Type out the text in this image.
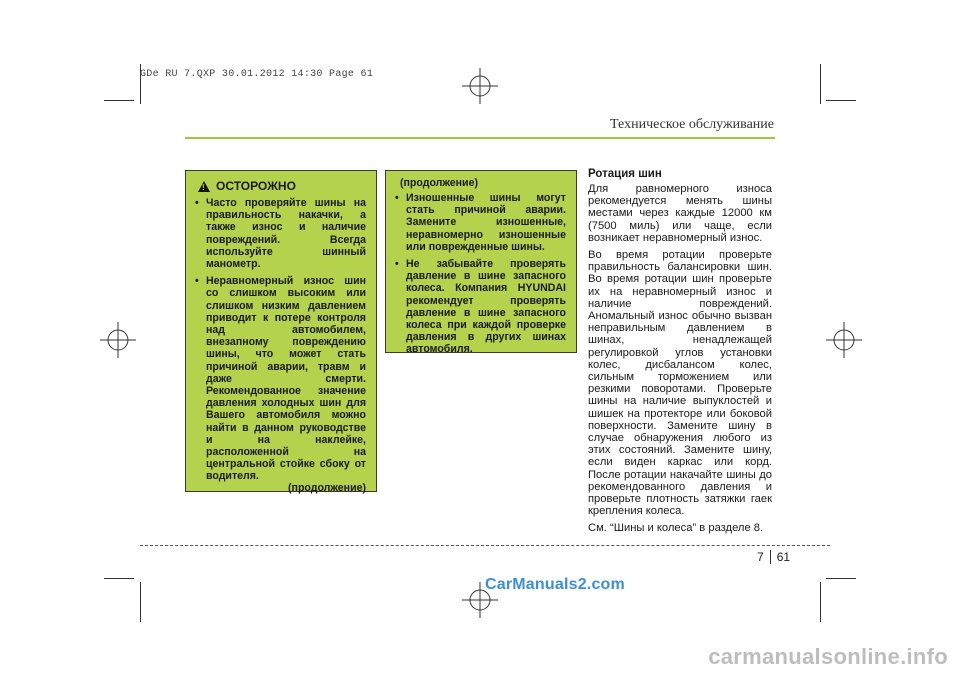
GDe RU 7.QXP 30.01.2012 14:30 Page 61
Техническое обслуживание
! ОСТОРОЖНО
• Часто проверяйте шины на правильность накачки, а также износ и наличие повреждений. Всегда используйте шинный манометр.
• Неравномерный износ шин со слишком высоким или слишком низким давлением приводит к потере контроля над автомобилем, внезапному повреждению шины, что может стать причиной аварии, травм и даже смерти. Рекомендованное значение давления холодных шин для Вашего автомобиля можно найти в данном руководстве и на наклейке, расположенной на центральной стойке сбоку от водителя.
(продолжение)
(продолжение)
• Изношенные шины могут стать причиной аварии. Замените изношенные, неравномерно изношенные или поврежденные шины.
• Не забывайте проверять давление в шине запасного колеса. Компания HYUNDAI рекомендует проверять давление в шине запасного колеса при каждой проверке давления в других шинах автомобиля.
Ротация шин

Для равномерного износа рекомендуется менять шины местами через каждые 12000 км (7500 миль) или чаще, если возникает неравномерный износ.

Во время ротации проверьте правильность балансировки шин. Во время ротации шин проверьте их на неравномерный износ и наличие повреждений. Аномальный износ обычно вызван неправильным давлением в шинах, ненадлежащей регулировкой углов установки колес, дисбалансом колес, сильным торможением или резкими поворотами. Проверьте шины на наличие выпуклостей и шишек на протекторе или боковой поверхности. Замените шину в случае обнаружения любого из этих состояний. Замените шину, если виден каркас или корд. После ротации накачайте шины до рекомендованного давления и проверьте плотность затяжки гаек крепления колеса.

См. “Шины и колеса” в разделе 8.

7 61
CarManuals2.com
carmanualsonline.info
